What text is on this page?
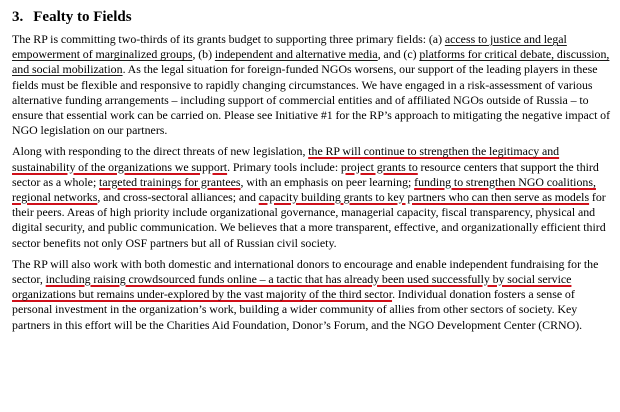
3. Fealty to Fields

The RP is committing two-thirds of its grants budget to supporting three primary fields: (a) access to justice and legal empowerment of marginalized groups, (b) independent and alternative media, and (c) platforms for critical debate, discussion, and social mobilization. As the legal situation for foreign-funded NGOs worsens, our support of the leading players in these fields must be flexible and responsive to rapidly changing circumstances. We have engaged in a risk-assessment of various alternative funding arrangements – including support of commercial entities and of affiliated NGOs outside of Russia – to ensure that essential work can be carried on. Please see Initiative #1 for the RP’s approach to mitigating the negative impact of NGO legislation on our partners.

Along with responding to the direct threats of new legislation, the RP will continue to strengthen the legitimacy and sustainability of the organizations we support. Primary tools include: project grants to resource centers that support the third sector as a whole; targeted trainings for grantees, with an emphasis on peer learning; funding to strengthen NGO coalitions, regional networks, and cross-sectoral alliances; and capacity building grants to key partners who can then serve as models for their peers. Areas of high priority include organizational governance, managerial capacity, fiscal transparency, physical and digital security, and public communication. We believes that a more transparent, effective, and organizationally efficient third sector benefits not only OSF partners but all of Russian civil society.

The RP will also work with both domestic and international donors to encourage and enable independent fundraising for the sector, including raising crowdsourced funds online – a tactic that has already been used successfully by social service organizations but remains under-explored by the vast majority of the third sector. Individual donation fosters a sense of personal investment in the organization’s work, building a wider community of allies from other sectors of society. Key partners in this effort will be the Charities Aid Foundation, Donor’s Forum, and the NGO Development Center (CRNO).
